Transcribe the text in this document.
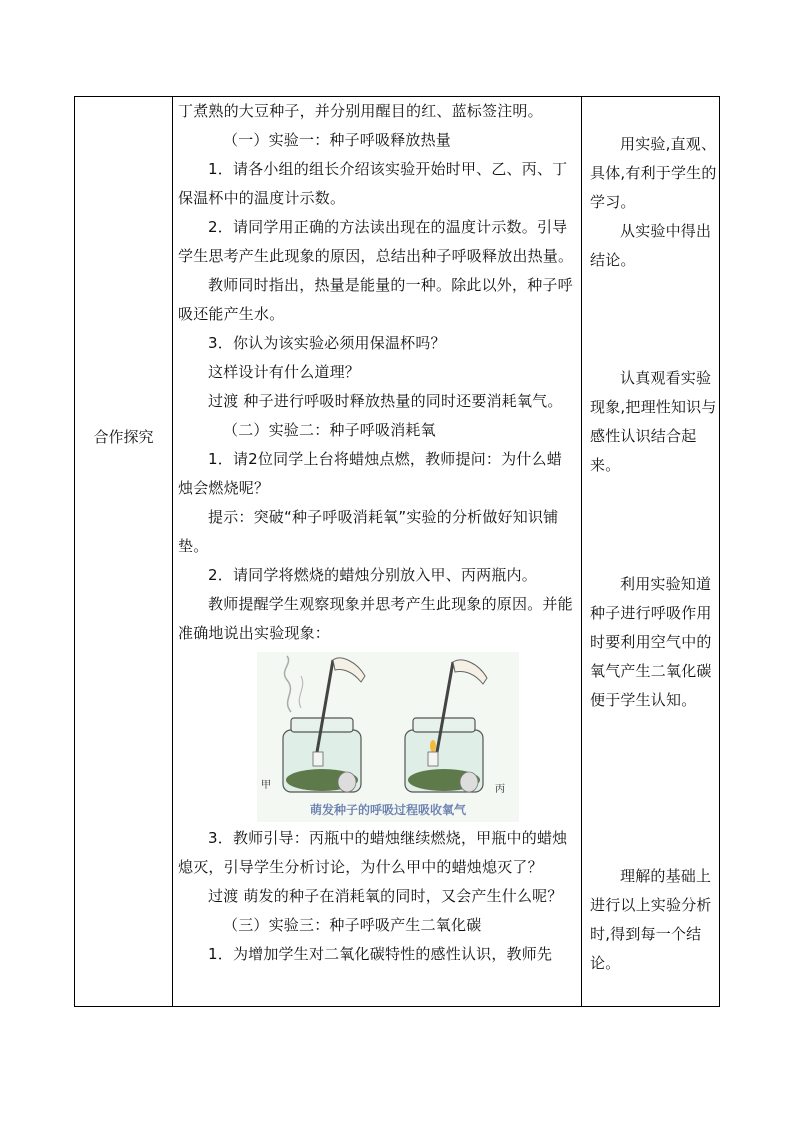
合作探究

丁煮熟的大豆种子，并分别用醒目的红、蓝标签注明。

（一）实验一：种子呼吸释放热量

1．请各小组的组长介绍该实验开始时甲、乙、丙、丁保温杯中的温度计示数。

2．请同学用正确的方法读出现在的温度计示数。引导学生思考产生此现象的原因，总结出种子呼吸释放出热量。

教师同时指出，热量是能量的一种。除此以外，种子呼吸还能产生水。

3．你认为该实验必须用保温杯吗？

这样设计有什么道理？

过渡 种子进行呼吸时释放热量的同时还要消耗氧气。

（二）实验二：种子呼吸消耗氧

1．请2位同学上台将蜡烛点燃，教师提问：为什么蜡烛会燃烧呢？

提示：突破“种子呼吸消耗氧”实验的分析做好知识铺垫。

2．请同学将燃烧的蜡烛分别放入甲、丙两瓶内。

教师提醒学生观察现象并思考产生此现象的原因。并能准确地说出实验现象：

甲	丙
萌发种子的呼吸过程吸收氧气

3．教师引导：丙瓶中的蜡烛继续燃烧，甲瓶中的蜡烛熄灭，引导学生分析讨论，为什么甲中的蜡烛熄灭了？

过渡 萌发的种子在消耗氧的同时，又会产生什么呢？

（三）实验三：种子呼吸产生二氧化碳

1．为增加学生对二氧化碳特性的感性认识，教师先

用实验,直观、具体,有利于学生的学习。

从实验中得出结论。

认真观看实验现象,把理性知识与感性认识结合起来。

利用实验知道种子进行呼吸作用时要利用空气中的氧气产生二氧化碳便于学生认知。

理解的基础上进行以上实验分析时,得到每一个结论。
